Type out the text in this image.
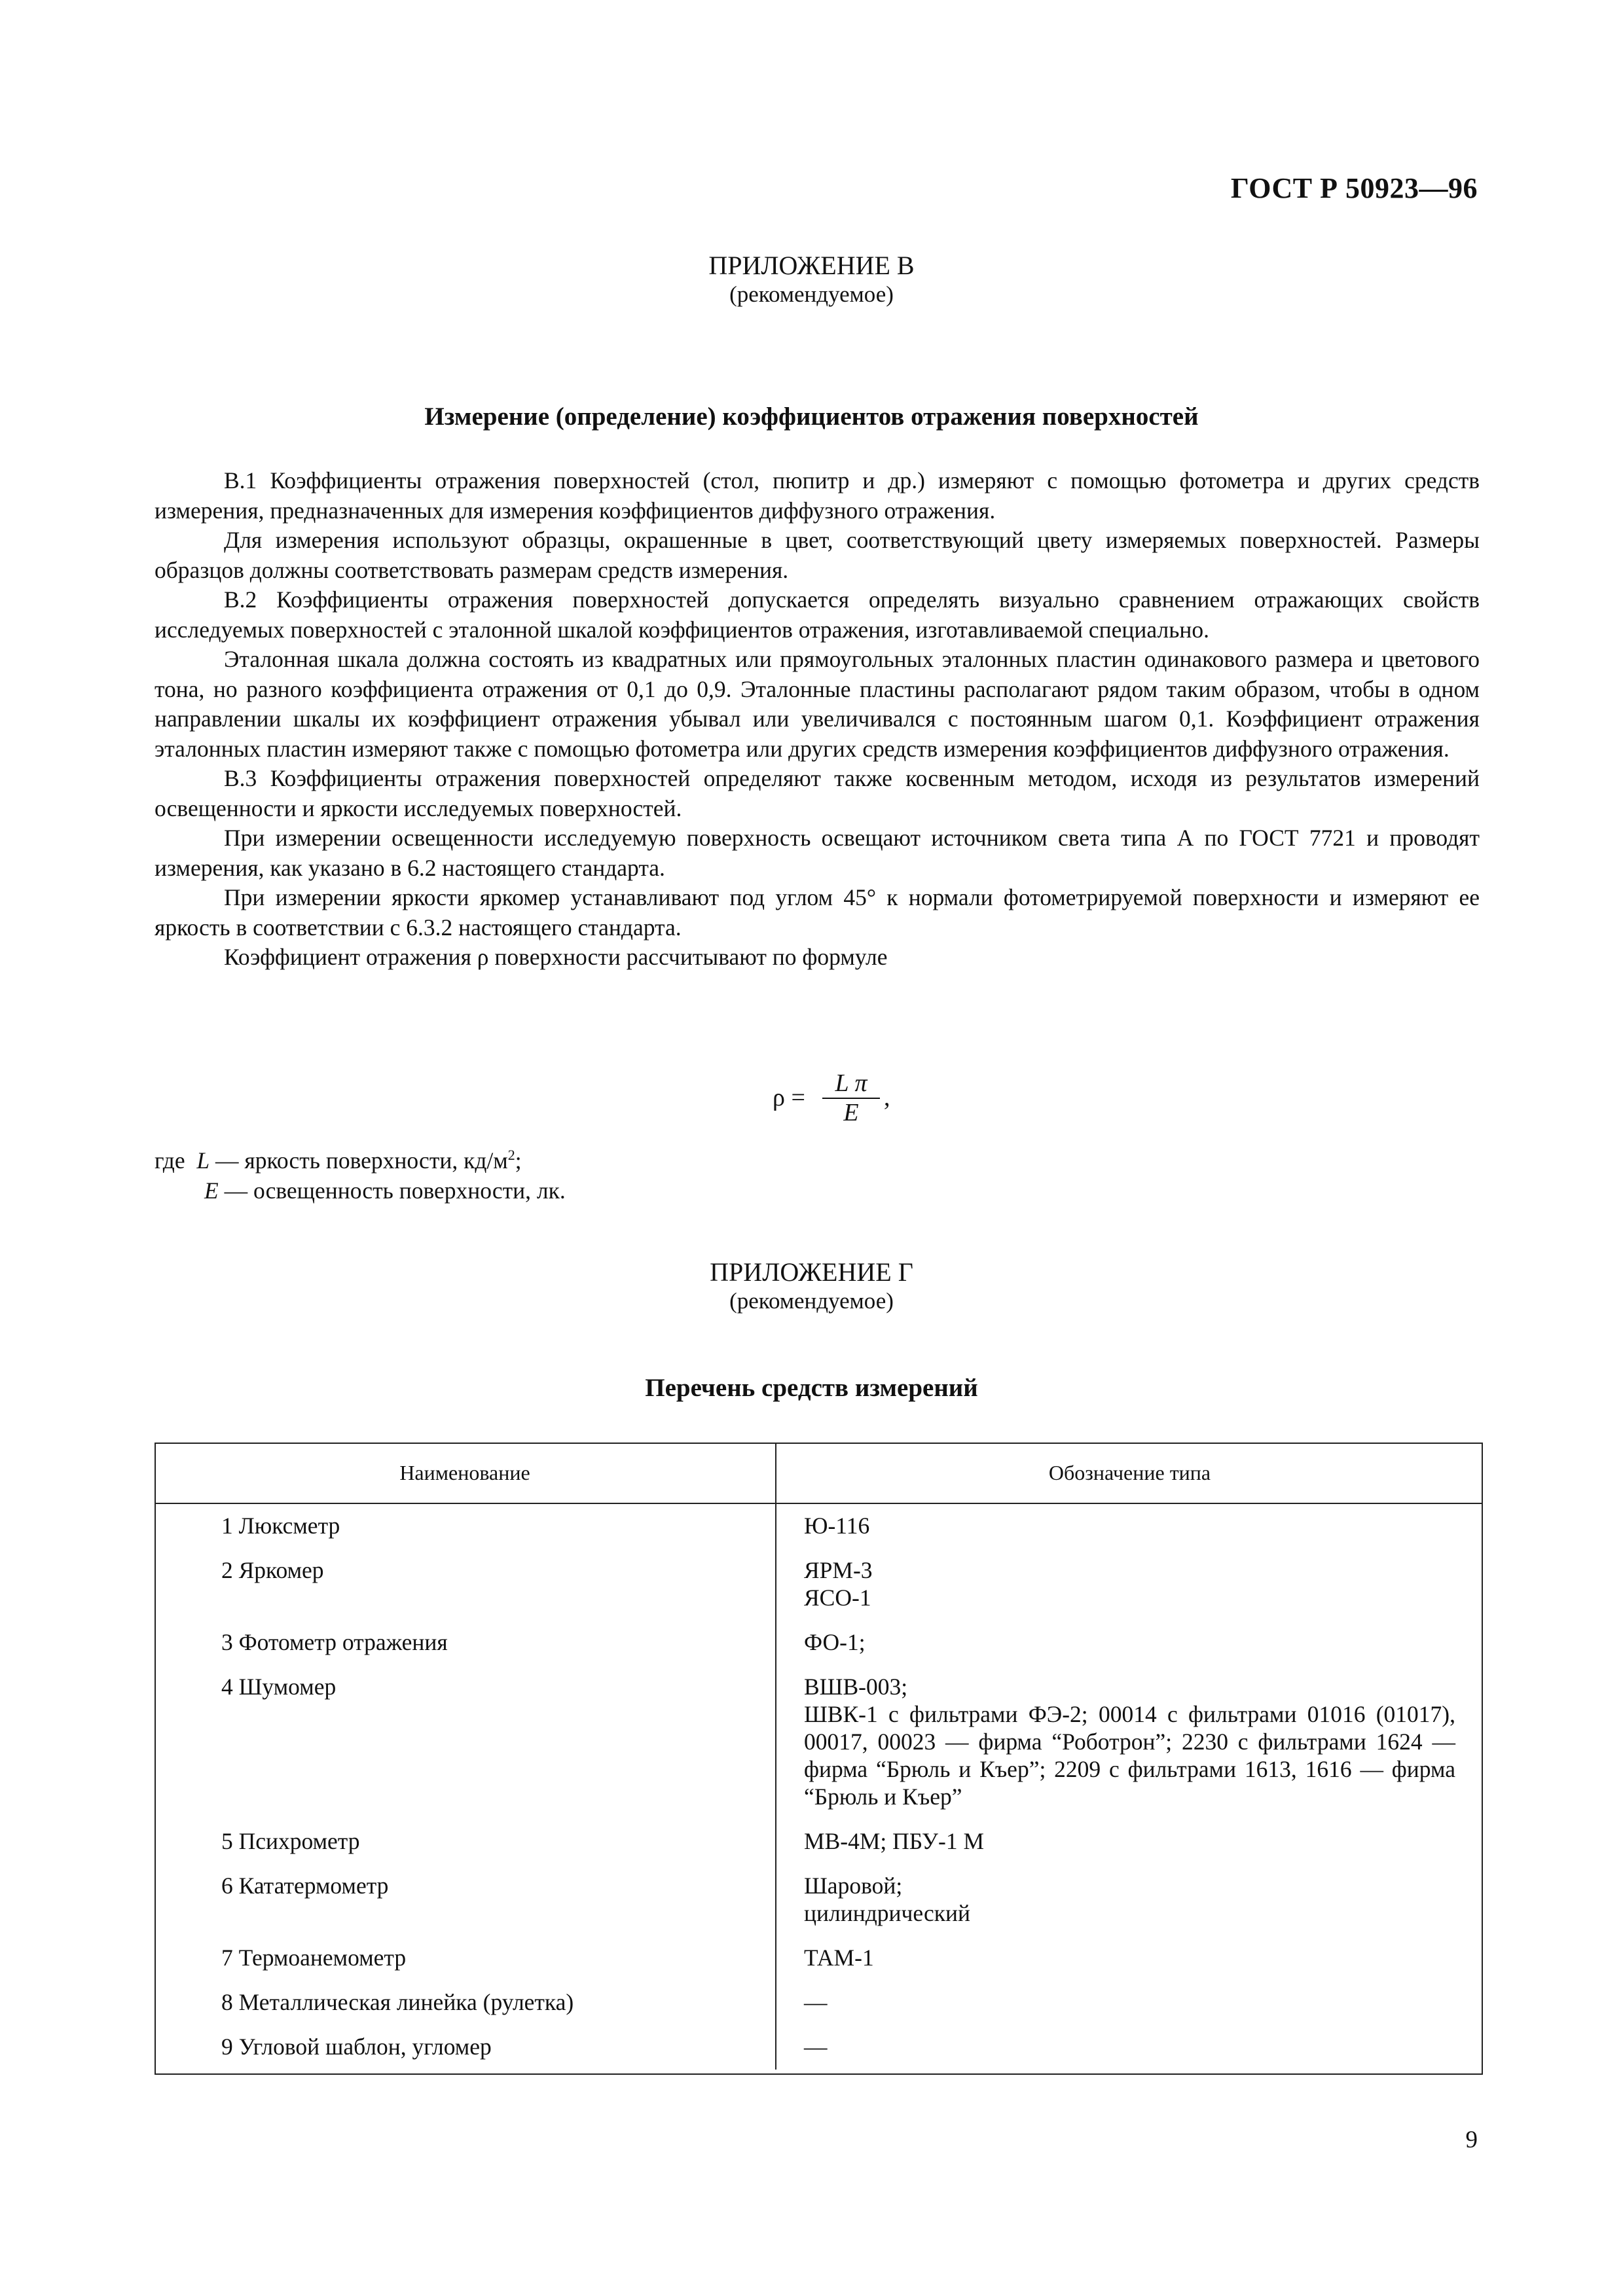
ГОСТ Р 50923—96
ПРИЛОЖЕНИЕ В
(рекомендуемое)
Измерение (определение) коэффициентов отражения поверхностей

В.1 Коэффициенты отражения поверхностей (стол, пюпитр и др.) измеряют с помощью фотометра и других средств измерения, предназначенных для измерения коэффициентов диффузного отражения.

Для измерения используют образцы, окрашенные в цвет, соответствующий цвету измеряемых поверхностей. Размеры образцов должны соответствовать размерам средств измерения.

В.2 Коэффициенты отражения поверхностей допускается определять визуально сравнением отражающих свойств исследуемых поверхностей с эталонной шкалой коэффициентов отражения, изготавливаемой специально.

Эталонная шкала должна состоять из квадратных или прямоугольных эталонных пластин одинакового размера и цветового тона, но разного коэффициента отражения от 0,1 до 0,9. Эталонные пластины располагают рядом таким образом, чтобы в одном направлении шкалы их коэффициент отражения убывал или увеличивался с постоянным шагом 0,1. Коэффициент отражения эталонных пластин измеряют также с помощью фотометра или других средств измерения коэффициентов диффузного отражения.

В.3 Коэффициенты отражения поверхностей определяют также косвенным методом, исходя из результатов измерений освещенности и яркости исследуемых поверхностей.

При измерении освещенности исследуемую поверхность освещают источником света типа А по ГОСТ 7721 и проводят измерения, как указано в 6.2 настоящего стандарта.

При измерении яркости яркомер устанавливают под углом 45° к нормали фотометрируемой поверхности и измеряют ее яркость в соответствии с 6.3.2 настоящего стандарта.

Коэффициент отражения ρ поверхности рассчитывают по формуле

ρ =
L π
E
,
где L — яркость поверхности, $кд/м^2$;
E — освещенность поверхности, лк.
ПРИЛОЖЕНИЕ Г
(рекомендуемое)
Перечень средств измерений
Наименование	Обозначение типа
1 Люксметр	Ю-116
2 Яркомер	ЯРМ-3
ЯСО-1
3 Фотометр отражения	ФО-1;
4 Шумомер	ВШВ-003;
ШВК-1 с фильтрами ФЭ-2; 00014 с фильтрами 01016 (01017), 00017, 00023 — фирма “Роботрон”; 2230 с фильтрами 1624 — фирма “Брюль и Къер”; 2209 с фильтрами 1613, 1616 — фирма “Брюль и Къер”
5 Психрометр	МВ-4М; ПБУ-1 М
6 Кататермометр	Шаровой;
цилиндрический
7 Термоанемометр	ТАМ-1
8 Металлическая линейка (рулетка)	—
9 Угловой шаблон, угломер	—
9
